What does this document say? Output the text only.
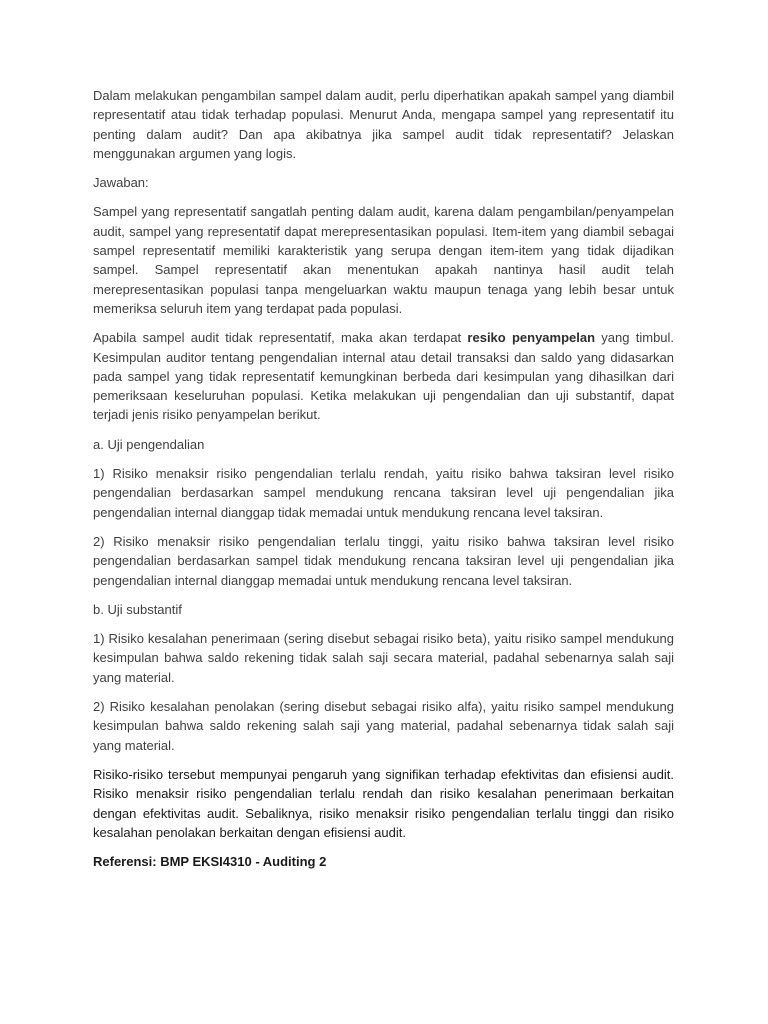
Dalam melakukan pengambilan sampel dalam audit, perlu diperhatikan apakah sampel yang diambil representatif atau tidak terhadap populasi. Menurut Anda, mengapa sampel yang representatif itu penting dalam audit? Dan apa akibatnya jika sampel audit tidak representatif? Jelaskan menggunakan argumen yang logis.

Jawaban:

Sampel yang representatif sangatlah penting dalam audit, karena dalam pengambilan/penyampelan audit, sampel yang representatif dapat merepresentasikan populasi. Item-item yang diambil sebagai sampel representatif memiliki karakteristik yang serupa dengan item-item yang tidak dijadikan sampel. Sampel representatif akan menentukan apakah nantinya hasil audit telah merepresentasikan populasi tanpa mengeluarkan waktu maupun tenaga yang lebih besar untuk memeriksa seluruh item yang terdapat pada populasi.

Apabila sampel audit tidak representatif, maka akan terdapat resiko penyampelan yang timbul. Kesimpulan auditor tentang pengendalian internal atau detail transaksi dan saldo yang didasarkan pada sampel yang tidak representatif kemungkinan berbeda dari kesimpulan yang dihasilkan dari pemeriksaan keseluruhan populasi. Ketika melakukan uji pengendalian dan uji substantif, dapat terjadi jenis risiko penyampelan berikut.

a. Uji pengendalian

1) Risiko menaksir risiko pengendalian terlalu rendah, yaitu risiko bahwa taksiran level risiko pengendalian berdasarkan sampel mendukung rencana taksiran level uji pengendalian jika pengendalian internal dianggap tidak memadai untuk mendukung rencana level taksiran.

2) Risiko menaksir risiko pengendalian terlalu tinggi, yaitu risiko bahwa taksiran level risiko pengendalian berdasarkan sampel tidak mendukung rencana taksiran level uji pengendalian jika pengendalian internal dianggap memadai untuk mendukung rencana level taksiran.

b. Uji substantif

1) Risiko kesalahan penerimaan (sering disebut sebagai risiko beta), yaitu risiko sampel mendukung kesimpulan bahwa saldo rekening tidak salah saji secara material, padahal sebenarnya salah saji yang material.

2) Risiko kesalahan penolakan (sering disebut sebagai risiko alfa), yaitu risiko sampel mendukung kesimpulan bahwa saldo rekening salah saji yang material, padahal sebenarnya tidak salah saji yang material.

Risiko-risiko tersebut mempunyai pengaruh yang signifikan terhadap efektivitas dan efisiensi audit. Risiko menaksir risiko pengendalian terlalu rendah dan risiko kesalahan penerimaan berkaitan dengan efektivitas audit. Sebaliknya, risiko menaksir risiko pengendalian terlalu tinggi dan risiko kesalahan penolakan berkaitan dengan efisiensi audit.

Referensi: BMP EKSI4310 - Auditing 2
